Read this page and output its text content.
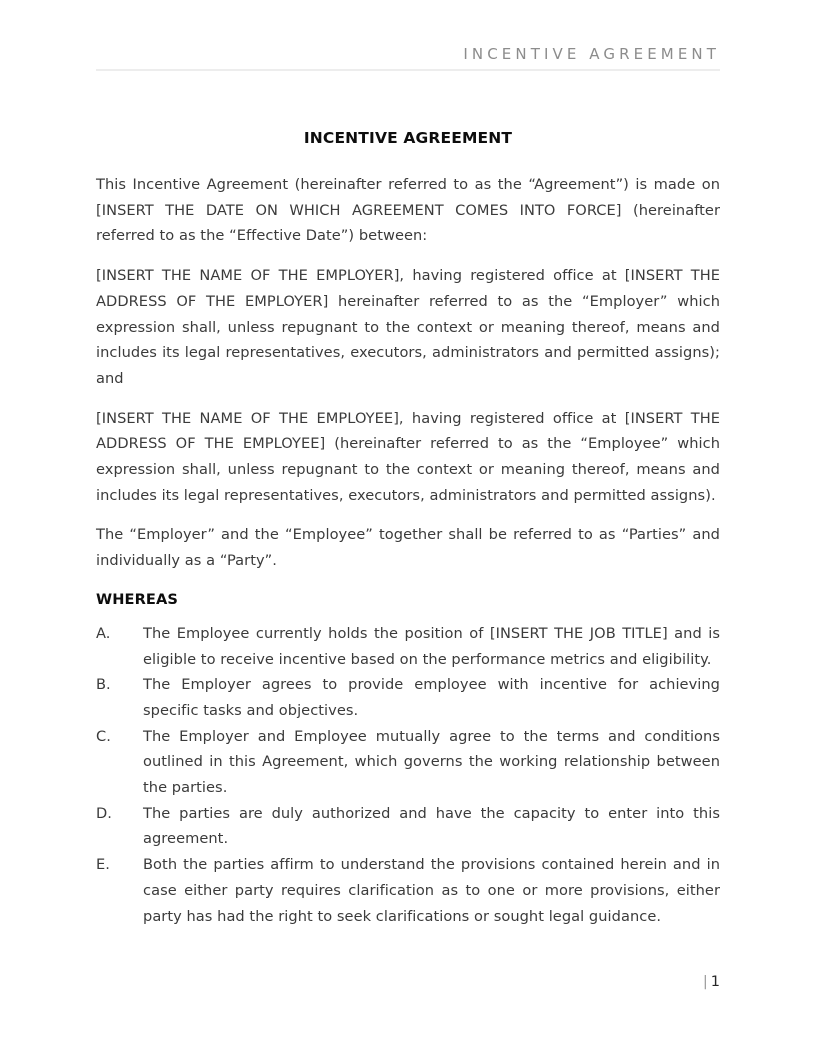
INCENTIVE AGREEMENT
INCENTIVE AGREEMENT

This Incentive Agreement (hereinafter referred to as the “Agreement”) is made on [INSERT THE DATE ON WHICH AGREEMENT COMES INTO FORCE] (hereinafter referred to as the “Effective Date”) between:

[INSERT THE NAME OF THE EMPLOYER], having registered office at [INSERT THE ADDRESS OF THE EMPLOYER] hereinafter referred to as the “Employer” which expression shall, unless repugnant to the context or meaning thereof, means and includes its legal representatives, executors, administrators and permitted assigns); and

[INSERT THE NAME OF THE EMPLOYEE], having registered office at [INSERT THE ADDRESS OF THE EMPLOYEE] (hereinafter referred to as the “Employee” which expression shall, unless repugnant to the context or meaning thereof, means and includes its legal representatives, executors, administrators and permitted assigns).

The “Employer” and the “Employee” together shall be referred to as “Parties” and individually as a “Party”.

WHEREAS
A.	The Employee currently holds the position of [INSERT THE JOB TITLE] and is eligible to receive incentive based on the performance metrics and eligibility.
B.	The Employer agrees to provide employee with incentive for achieving specific tasks and objectives.
C.	The Employer and Employee mutually agree to the terms and conditions outlined in this Agreement, which governs the working relationship between the parties.
D.	The parties are duly authorized and have the capacity to enter into this agreement.
E.	Both the parties affirm to understand the provisions contained herein and in case either party requires clarification as to one or more provisions, either party has had the right to seek clarifications or sought legal guidance.
| 1
